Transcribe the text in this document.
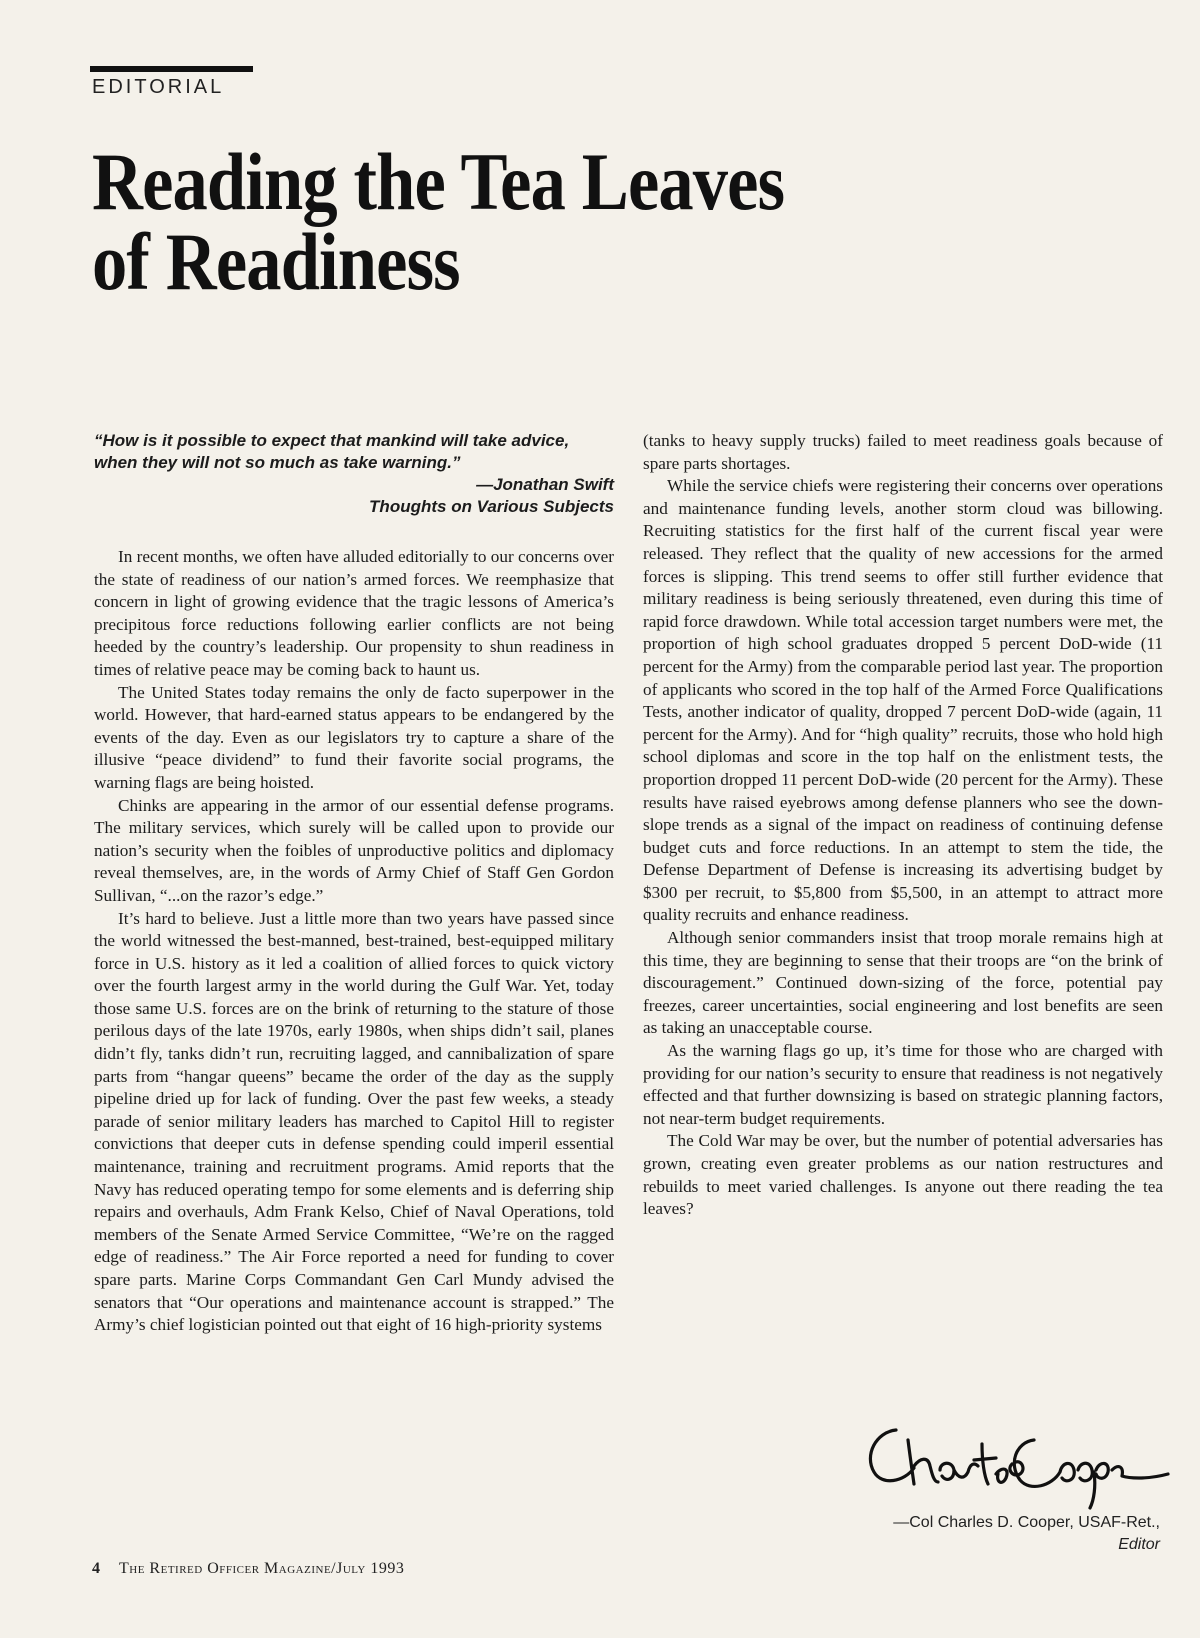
EDITORIAL
Reading the Tea Leaves
of Readiness
“How is it possible to expect that mankind will take advice, when they will not so much as take warning.”
—Jonathan Swift
Thoughts on Various Subjects

In recent months, we often have alluded editorially to our concerns over the state of readiness of our nation’s armed forces. We reemphasize that concern in light of growing evidence that the tragic lessons of America’s precipitous force reductions following earlier conflicts are not being heeded by the country’s leadership. Our propensity to shun readiness in times of relative peace may be coming back to haunt us.

The United States today remains the only de facto superpower in the world. However, that hard-earned status appears to be endangered by the events of the day. Even as our legislators try to capture a share of the illusive “peace dividend” to fund their favorite social programs, the warning flags are being hoisted.

Chinks are appearing in the armor of our essential defense programs. The military services, which surely will be called upon to provide our nation’s security when the foibles of unproductive politics and diplomacy reveal themselves, are, in the words of Army Chief of Staff Gen Gordon Sullivan, “...on the razor’s edge.”

It’s hard to believe. Just a little more than two years have passed since the world witnessed the best-manned, best-trained, best-equipped military force in U.S. history as it led a coalition of allied forces to quick victory over the fourth largest army in the world during the Gulf War. Yet, today those same U.S. forces are on the brink of returning to the stature of those perilous days of the late 1970s, early 1980s, when ships didn’t sail, planes didn’t fly, tanks didn’t run, recruiting lagged, and cannibalization of spare parts from “hangar queens” became the order of the day as the supply pipeline dried up for lack of funding. Over the past few weeks, a steady parade of senior military leaders has marched to Capitol Hill to register convictions that deeper cuts in defense spending could imperil essential maintenance, training and recruitment programs. Amid reports that the Navy has reduced operating tempo for some elements and is deferring ship repairs and overhauls, Adm Frank Kelso, Chief of Naval Operations, told members of the Senate Armed Service Committee, “We’re on the ragged edge of readiness.” The Air Force reported a need for funding to cover spare parts. Marine Corps Commandant Gen Carl Mundy advised the senators that “Our operations and maintenance account is strapped.” The Army’s chief logistician pointed out that eight of 16 high-priority systems

(tanks to heavy supply trucks) failed to meet readiness goals because of spare parts shortages.

While the service chiefs were registering their concerns over operations and maintenance funding levels, another storm cloud was billowing. Recruiting statistics for the first half of the current fiscal year were released. They reflect that the quality of new accessions for the armed forces is slipping. This trend seems to offer still further evidence that military readiness is being seriously threatened, even during this time of rapid force drawdown. While total accession target numbers were met, the proportion of high school graduates dropped 5 percent DoD-wide (11 percent for the Army) from the comparable period last year. The proportion of applicants who scored in the top half of the Armed Force Qualifications Tests, another indicator of quality, dropped 7 percent DoD-wide (again, 11 percent for the Army). And for “high quality” recruits, those who hold high school diplomas and score in the top half on the enlistment tests, the proportion dropped 11 percent DoD-wide (20 percent for the Army). These results have raised eyebrows among defense planners who see the down-slope trends as a signal of the impact on readiness of continuing defense budget cuts and force reductions. In an attempt to stem the tide, the Defense Department of Defense is increasing its advertising budget by $300 per recruit, to $5,800 from $5,500, in an attempt to attract more quality recruits and enhance readiness.

Although senior commanders insist that troop morale remains high at this time, they are beginning to sense that their troops are “on the brink of discouragement.” Continued down-sizing of the force, potential pay freezes, career uncertainties, social engineering and lost benefits are seen as taking an unacceptable course.

As the warning flags go up, it’s time for those who are charged with providing for our nation’s security to ensure that readiness is not negatively effected and that further downsizing is based on strategic planning factors, not near-term budget requirements.

The Cold War may be over, but the number of potential adversaries has grown, creating even greater problems as our nation restructures and rebuilds to meet varied challenges. Is anyone out there reading the tea leaves?

—Col Charles D. Cooper, USAF-Ret.,
Editor
4 The Retired Officer Magazine/July 1993
